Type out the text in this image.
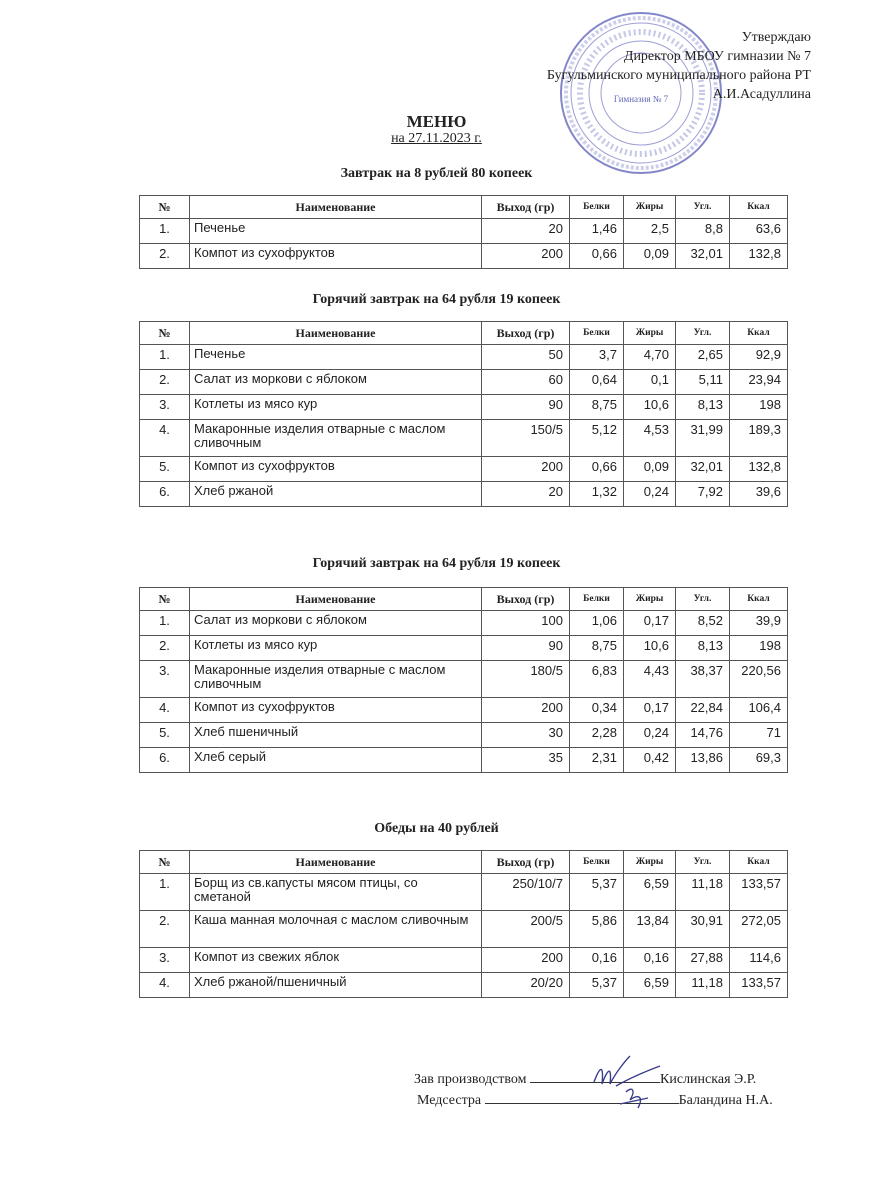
Гимназия № 7
Утверждаю
Директор МБОУ гимназии № 7
Бугульминского муниципального района РТ
А.И.Асадуллина
МЕНЮ
на 27.11.2023 г.
Завтрак на 8 рублей 80 копеек
№	Наименование	Выход (гр)	Белки	Жиры	Угл.	Ккал
1.	Печенье	20	1,46	2,5	8,8	63,6
2.	Компот из сухофруктов	200	0,66	0,09	32,01	132,8
Горячий завтрак на 64 рубля 19 копеек
№	Наименование	Выход (гр)	Белки	Жиры	Угл.	Ккал
1.	Печенье	50	3,7	4,70	2,65	92,9
2.	Салат из моркови с яблоком	60	0,64	0,1	5,11	23,94
3.	Котлеты из мясо кур	90	8,75	10,6	8,13	198
4.	Макаронные изделия отварные с маслом сливочным	150/5	5,12	4,53	31,99	189,3
5.	Компот из сухофруктов	200	0,66	0,09	32,01	132,8
6.	Хлеб ржаной	20	1,32	0,24	7,92	39,6
Горячий завтрак на 64 рубля 19 копеек
№	Наименование	Выход (гр)	Белки	Жиры	Угл.	Ккал
1.	Салат из моркови с яблоком	100	1,06	0,17	8,52	39,9
2.	Котлеты из мясо кур	90	8,75	10,6	8,13	198
3.	Макаронные изделия отварные с маслом сливочным	180/5	6,83	4,43	38,37	220,56
4.	Компот из сухофруктов	200	0,34	0,17	22,84	106,4
5.	Хлеб пшеничный	30	2,28	0,24	14,76	71
6.	Хлеб серый	35	2,31	0,42	13,86	69,3
Обеды на 40 рублей
№	Наименование	Выход (гр)	Белки	Жиры	Угл.	Ккал
1.	Борщ из св.капусты мясом птицы, со сметаной	250/10/7	5,37	6,59	11,18	133,57
2.	Каша манная молочная с маслом сливочным	200/5	5,86	13,84	30,91	272,05
3.	Компот из свежих яблок	200	0,16	0,16	27,88	114,6
4.	Хлеб ржаной/пшеничный	20/20	5,37	6,59	11,18	133,57
Зав производством	Кислинская Э.Р.
Медсестра	Баландина Н.А.
